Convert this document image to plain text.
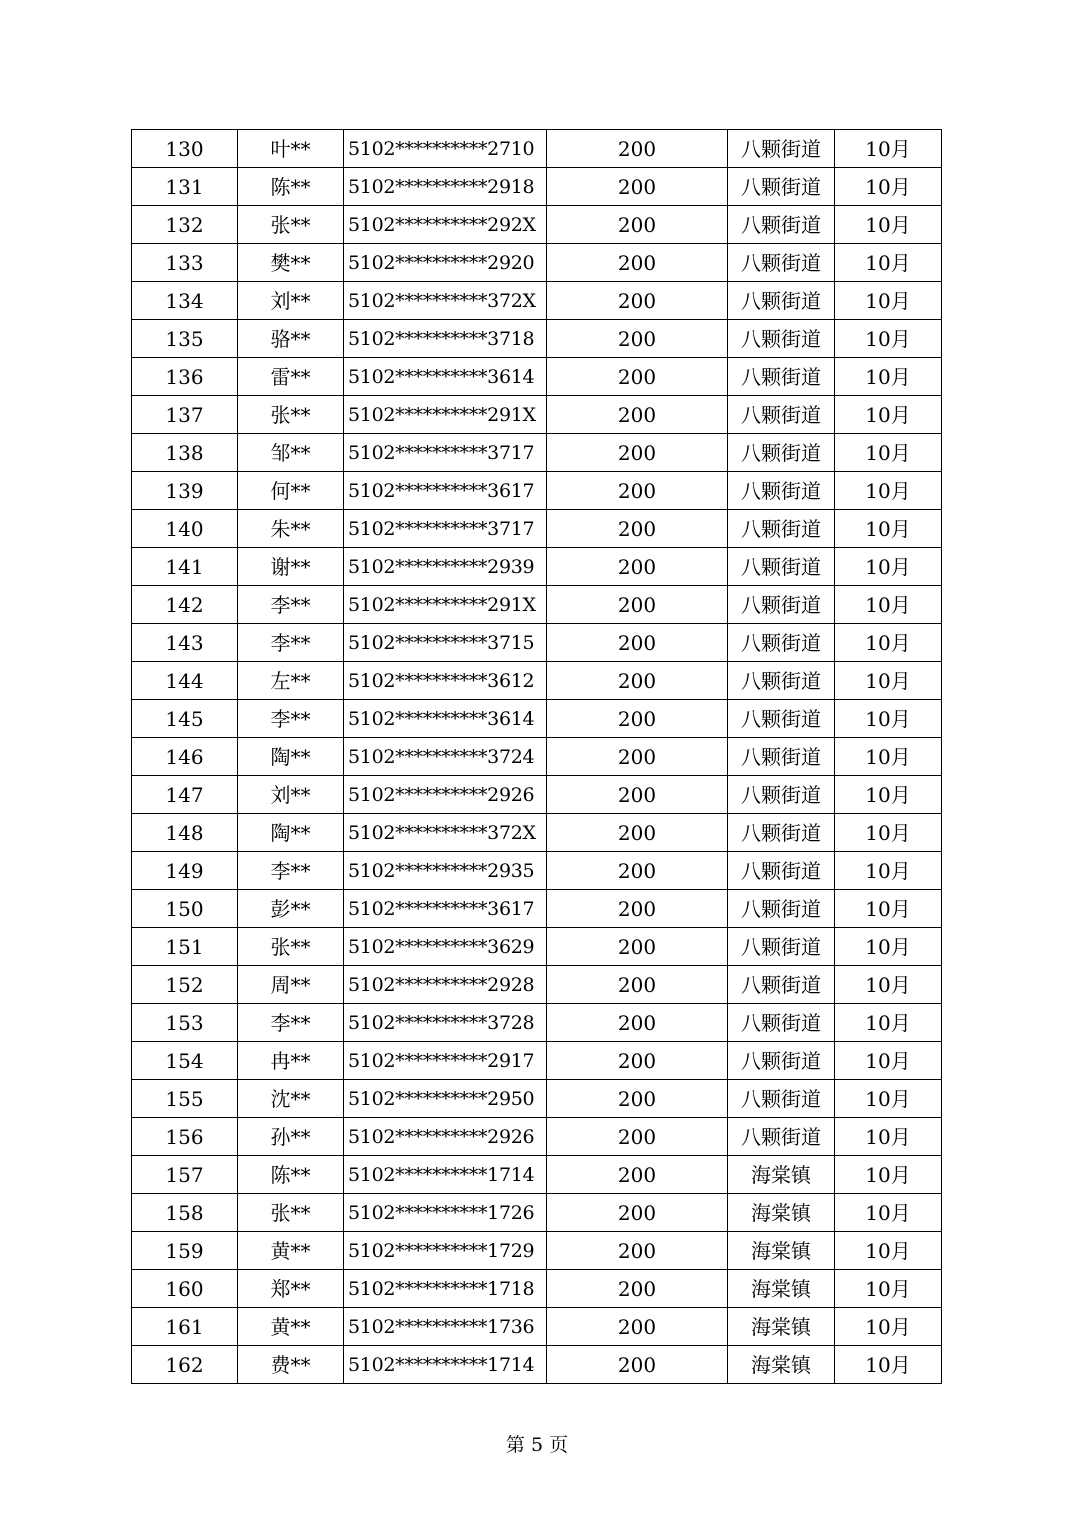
130	叶**	5102**********2710	200	八颗街道	10月
131	陈**	5102**********2918	200	八颗街道	10月
132	张**	5102**********292X	200	八颗街道	10月
133	樊**	5102**********2920	200	八颗街道	10月
134	刘**	5102**********372X	200	八颗街道	10月
135	骆**	5102**********3718	200	八颗街道	10月
136	雷**	5102**********3614	200	八颗街道	10月
137	张**	5102**********291X	200	八颗街道	10月
138	邹**	5102**********3717	200	八颗街道	10月
139	何**	5102**********3617	200	八颗街道	10月
140	朱**	5102**********3717	200	八颗街道	10月
141	谢**	5102**********2939	200	八颗街道	10月
142	李**	5102**********291X	200	八颗街道	10月
143	李**	5102**********3715	200	八颗街道	10月
144	左**	5102**********3612	200	八颗街道	10月
145	李**	5102**********3614	200	八颗街道	10月
146	陶**	5102**********3724	200	八颗街道	10月
147	刘**	5102**********2926	200	八颗街道	10月
148	陶**	5102**********372X	200	八颗街道	10月
149	李**	5102**********2935	200	八颗街道	10月
150	彭**	5102**********3617	200	八颗街道	10月
151	张**	5102**********3629	200	八颗街道	10月
152	周**	5102**********2928	200	八颗街道	10月
153	李**	5102**********3728	200	八颗街道	10月
154	冉**	5102**********2917	200	八颗街道	10月
155	沈**	5102**********2950	200	八颗街道	10月
156	孙**	5102**********2926	200	八颗街道	10月
157	陈**	5102**********1714	200	海棠镇	10月
158	张**	5102**********1726	200	海棠镇	10月
159	黄**	5102**********1729	200	海棠镇	10月
160	郑**	5102**********1718	200	海棠镇	10月
161	黄**	5102**********1736	200	海棠镇	10月
162	费**	5102**********1714	200	海棠镇	10月
第 5 页
